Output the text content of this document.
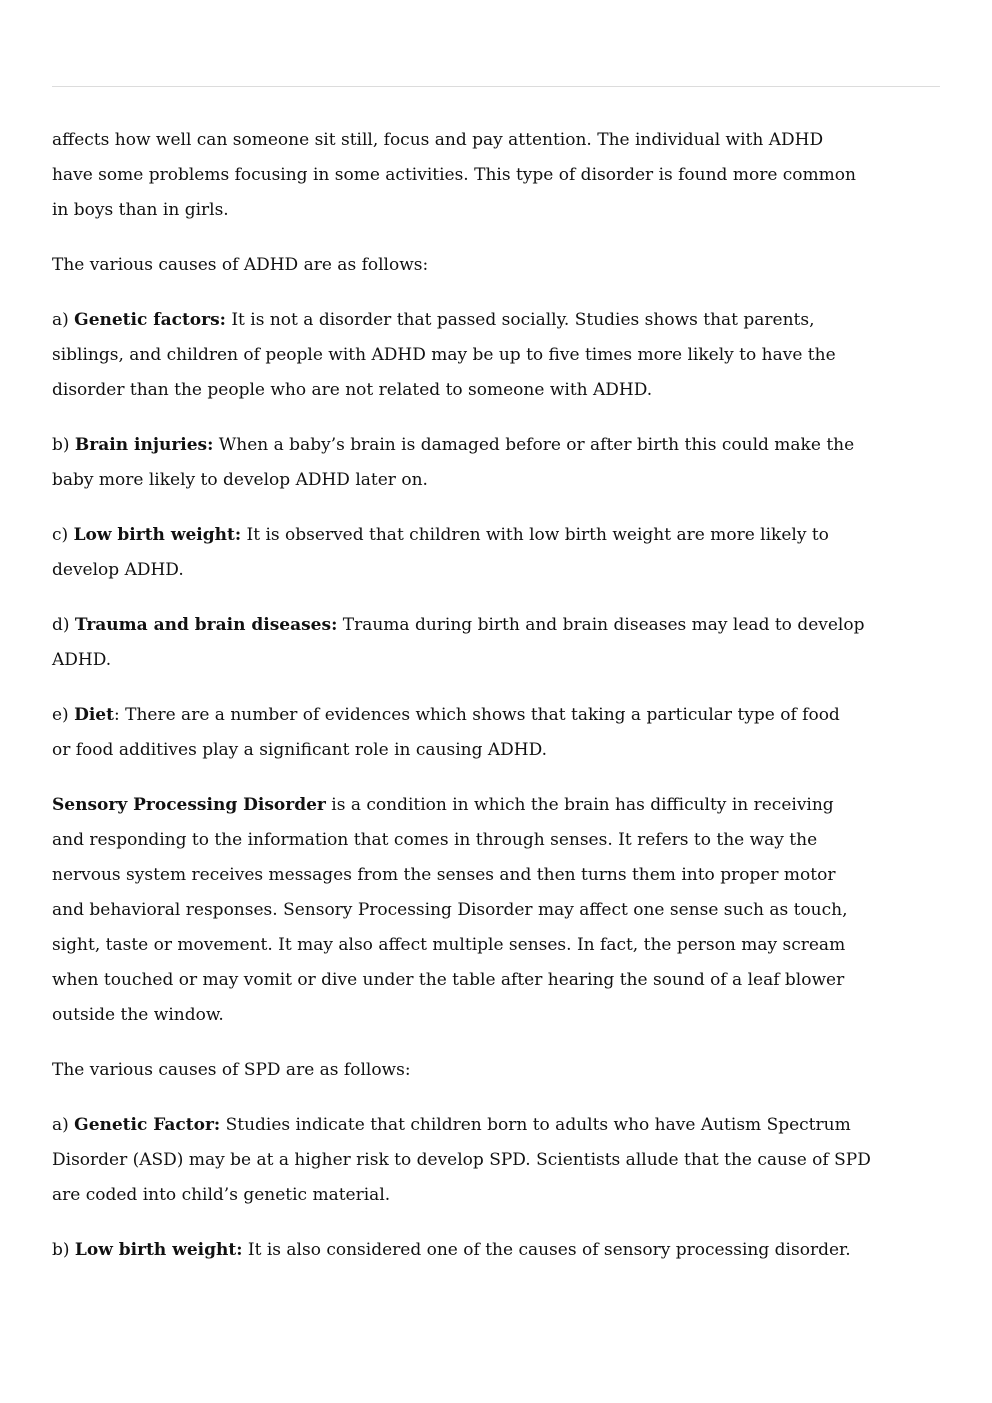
affects how well can someone sit still, focus and pay attention. The individual with ADHD
have some problems focusing in some activities. This type of disorder is found more common
in boys than in girls.

The various causes of ADHD are as follows:

a) Genetic factors: It is not a disorder that passed socially. Studies shows that parents,
siblings, and children of people with ADHD may be up to five times more likely to have the
disorder than the people who are not related to someone with ADHD.

b) Brain injuries: When a baby’s brain is damaged before or after birth this could make the
baby more likely to develop ADHD later on.

c) Low birth weight: It is observed that children with low birth weight are more likely to
develop ADHD.

d) Trauma and brain diseases: Trauma during birth and brain diseases may lead to develop
ADHD.

e) Diet: There are a number of evidences which shows that taking a particular type of food
or food additives play a significant role in causing ADHD.

Sensory Processing Disorder is a condition in which the brain has difficulty in receiving
and responding to the information that comes in through senses. It refers to the way the
nervous system receives messages from the senses and then turns them into proper motor
and behavioral responses. Sensory Processing Disorder may affect one sense such as touch,
sight, taste or movement. It may also affect multiple senses. In fact, the person may scream
when touched or may vomit or dive under the table after hearing the sound of a leaf blower
outside the window.

The various causes of SPD are as follows:

a) Genetic Factor: Studies indicate that children born to adults who have Autism Spectrum
Disorder (ASD) may be at a higher risk to develop SPD. Scientists allude that the cause of SPD
are coded into child’s genetic material.

b) Low birth weight: It is also considered one of the causes of sensory processing disorder.
